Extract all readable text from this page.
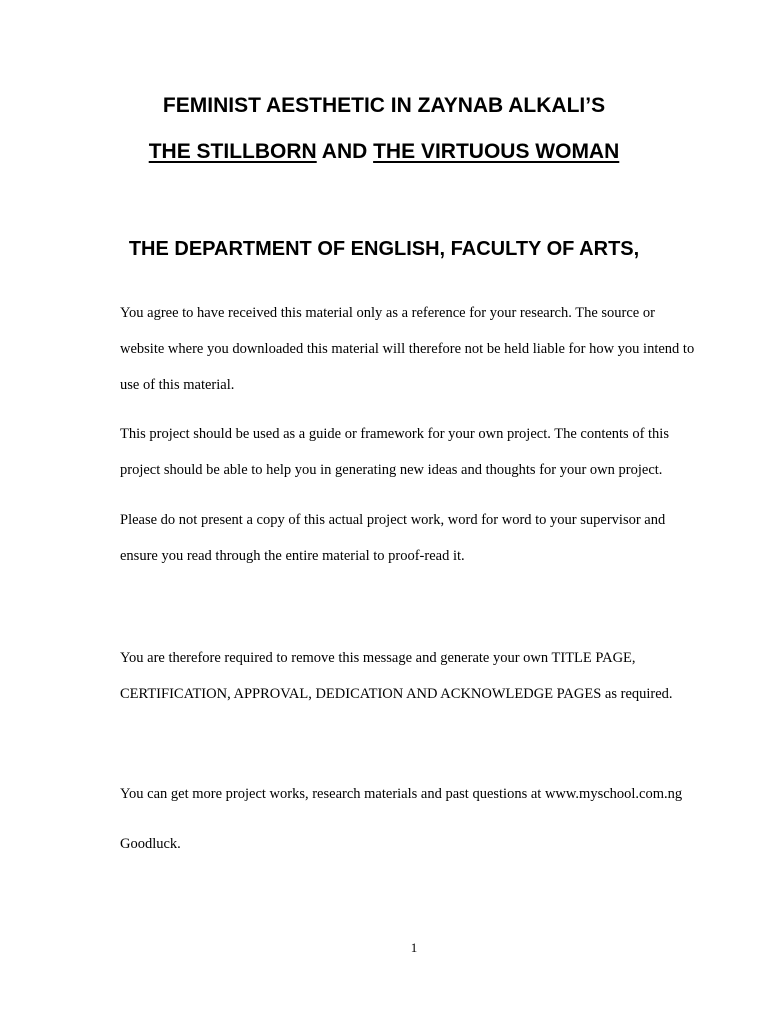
FEMINIST AESTHETIC IN ZAYNAB ALKALI’S
THE STILLBORN AND THE VIRTUOUS WOMAN
THE DEPARTMENT OF ENGLISH, FACULTY OF ARTS,

You agree to have received this material only as a reference for your research. The source or
website where you downloaded this material will therefore not be held liable for how you intend to
use of this material.

This project should be used as a guide or framework for your own project. The contents of this
project should be able to help you in generating new ideas and thoughts for your own project.

Please do not present a copy of this actual project work, word for word to your supervisor and
ensure you read through the entire material to proof-read it.

You are therefore required to remove this message and generate your own TITLE PAGE,
CERTIFICATION, APPROVAL, DEDICATION AND ACKNOWLEDGE PAGES as required.

You can get more project works, research materials and past questions at www.myschool.com.ng

Goodluck.

1
